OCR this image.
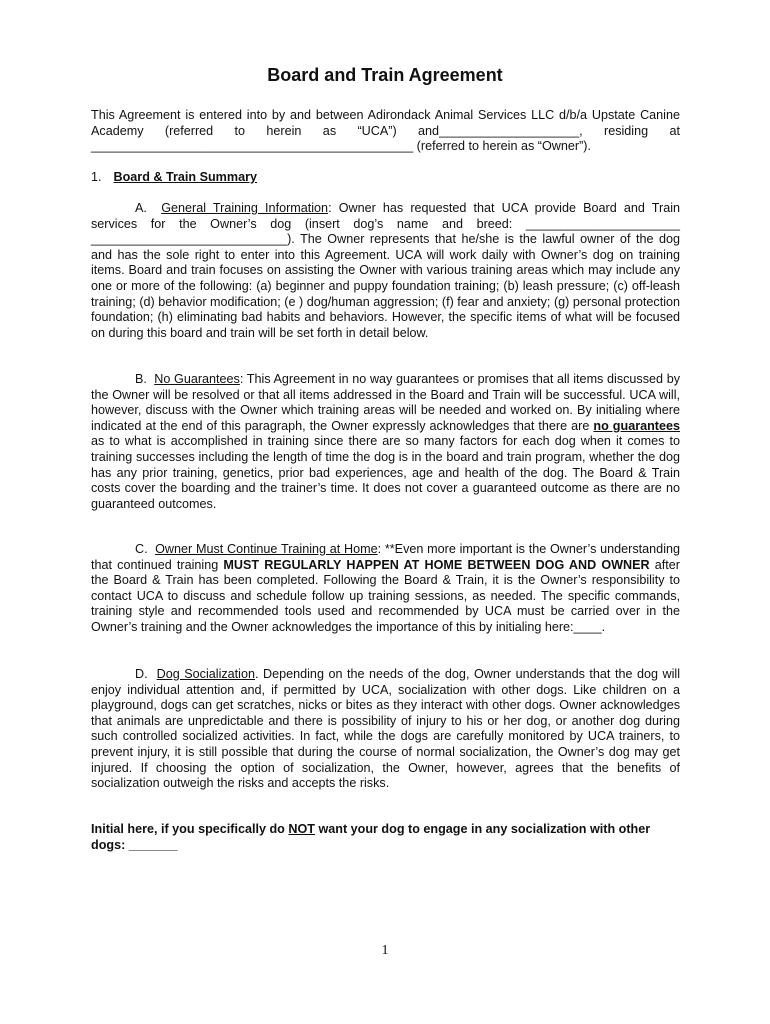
Board and Train Agreement
This Agreement is entered into by and between Adirondack Animal Services LLC d/b/a Upstate Canine Academy (referred to herein as “UCA”) and____________________, residing at ______________________________________________ (referred to herein as “Owner”).
1. Board & Train Summary
A. General Training Information: Owner has requested that UCA provide Board and Train services for the Owner’s dog (insert dog’s name and breed: ______________________ ____________________________). The Owner represents that he/she is the lawful owner of the dog and has the sole right to enter into this Agreement. UCA will work daily with Owner’s dog on training items. Board and train focuses on assisting the Owner with various training areas which may include any one or more of the following: (a) beginner and puppy foundation training; (b) leash pressure; (c) off-leash training; (d) behavior modification; (e ) dog/human aggression; (f) fear and anxiety; (g) personal protection foundation; (h) eliminating bad habits and behaviors. However, the specific items of what will be focused on during this board and train will be set forth in detail below.
B. No Guarantees: This Agreement in no way guarantees or promises that all items discussed by the Owner will be resolved or that all items addressed in the Board and Train will be successful. UCA will, however, discuss with the Owner which training areas will be needed and worked on. By initialing where indicated at the end of this paragraph, the Owner expressly acknowledges that there are no guarantees as to what is accomplished in training since there are so many factors for each dog when it comes to training successes including the length of time the dog is in the board and train program, whether the dog has any prior training, genetics, prior bad experiences, age and health of the dog. The Board & Train costs cover the boarding and the trainer’s time. It does not cover a guaranteed outcome as there are no guaranteed outcomes.
C. Owner Must Continue Training at Home: **Even more important is the Owner’s understanding that continued training MUST REGULARLY HAPPEN AT HOME BETWEEN DOG AND OWNER after the Board & Train has been completed. Following the Board & Train, it is the Owner’s responsibility to contact UCA to discuss and schedule follow up training sessions, as needed. The specific commands, training style and recommended tools used and recommended by UCA must be carried over in the Owner’s training and the Owner acknowledges the importance of this by initialing here:____.
D. Dog Socialization. Depending on the needs of the dog, Owner understands that the dog will enjoy individual attention and, if permitted by UCA, socialization with other dogs. Like children on a playground, dogs can get scratches, nicks or bites as they interact with other dogs. Owner acknowledges that animals are unpredictable and there is possibility of injury to his or her dog, or another dog during such controlled socialized activities. In fact, while the dogs are carefully monitored by UCA trainers, to prevent injury, it is still possible that during the course of normal socialization, the Owner’s dog may get injured. If choosing the option of socialization, the Owner, however, agrees that the benefits of socialization outweigh the risks and accepts the risks.
Initial here, if you specifically do NOT want your dog to engage in any socialization with other dogs: _______
1
